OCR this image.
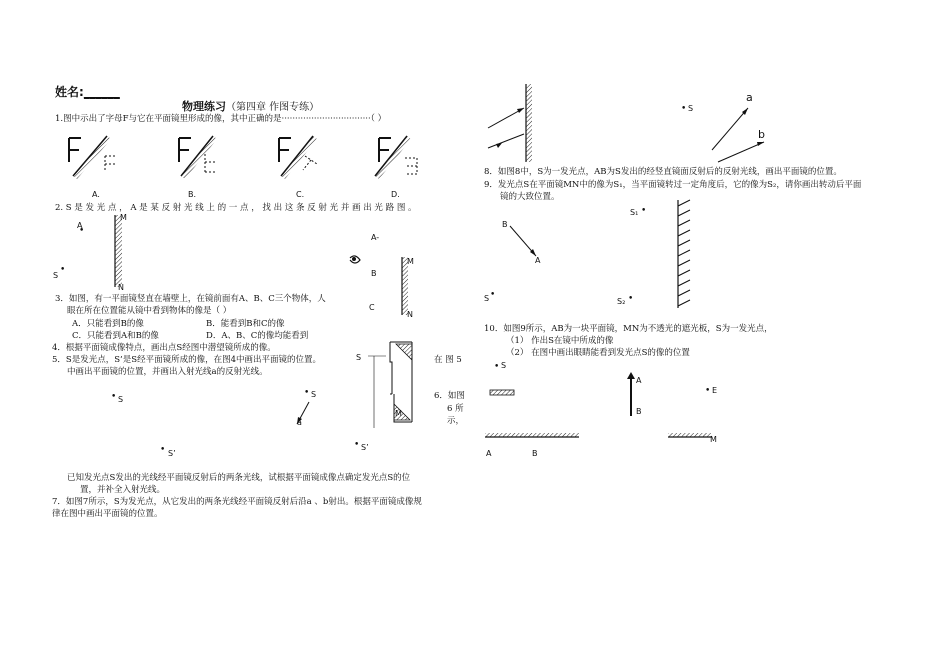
姓名:______
物理练习（第四章 作图专练）
1.图中示出了字母F与它在平面镜里形成的像，其中正确的是·································（ ）
A.	B.	C.	D.
2. S 是 发 光 点 ， A 是 某 反 射 光 线 上 的 一 点 ， 找 出 这 条 反 射 光 并 画 出 光 路 图 。
A
•
S
•
M
N
A-
B
C
M
N
3．如图，有一平面镜竖直在墙壁上，在镜前面有A、B、C三个物体，人
眼在所在位置能从镜中看到物体的像是（ ）
A．只能看到B的像	B．能看到B和C的像
C．只能看到A和B的像	D．A、B、C的像均能看到
4．根据平面镜成像特点，画出点S经图中潜望镜所成的像。
5．S是发光点，S’是S经平面镜所成的像，在图4中画出平面镜的位置。
中画出平面镜的位置，并画出入射光线a的反射光线。
在 图 5
S
M
• S
• S’
S
•
a
• S’
6．如图
6 所
示，
已知发光点S发出的光线经平面镜反射后的两条光线，试根据平面镜成像点确定发光点S的位
置，并补全入射光线。
7．如图7所示，S为发光点，从它发出的两条光线经平面镜反射后沿a 、b射出。根据平面镜成像规
律在图中画出平面镜的位置。
• S
a
b
8．如图8中，S为一发光点，AB为S发出的经竖直镜面反射后的反射光线，画出平面镜的位置。
9．发光点S在平面镜MN中的像为S₁，当平面镜转过一定角度后，它的像为S₂，请你画出转动后平面
镜的大致位置。
B
A
S •
S₁ •
S₂ •
10．如图9所示，AB为一块平面镜，MN为不透光的遮光板，S为一发光点，
（1） 作出S在镜中所成的像
（2） 在图中画出眼睛能看到发光点S的像的位置
S
•
A
B
• E
A	B
M
